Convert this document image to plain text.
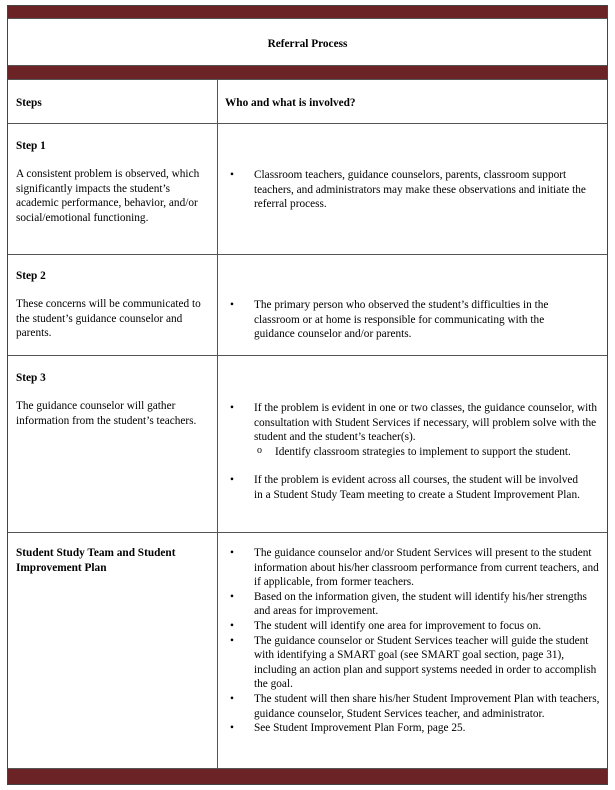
Referral Process
Steps	Who and what is involved?
Step 1
A consistent problem is observed, which significantly impacts the student’s academic performance, behavior, and/or social/emotional functioning.
• Classroom teachers, guidance counselors, parents, classroom support teachers, and administrators may make these observations and initiate the referral process.
Step 2
These concerns will be communicated to the student’s guidance counselor and parents.
• The primary person who observed the student’s difficulties in the classroom or at home is responsible for communicating with the guidance counselor and/or parents.
Step 3
The guidance counselor will gather information from the student’s teachers.
• If the problem is evident in one or two classes, the guidance counselor, with consultation with Student Services if necessary, will problem solve with the student and the student’s teacher(s).
o Identify classroom strategies to implement to support the student.
• If the problem is evident across all courses, the student will be involved in a Student Study Team meeting to create a Student Improvement Plan.
Student Study Team and Student Improvement Plan
• The guidance counselor and/or Student Services will present to the student information about his/her classroom performance from current teachers, and if applicable, from former teachers.
• Based on the information given, the student will identify his/her strengths and areas for improvement.
• The student will identify one area for improvement to focus on.
• The guidance counselor or Student Services teacher will guide the student with identifying a SMART goal (see SMART goal section, page 31), including an action plan and support systems needed in order to accomplish the goal.
• The student will then share his/her Student Improvement Plan with teachers, guidance counselor, Student Services teacher, and administrator.
• See Student Improvement Plan Form, page 25.
